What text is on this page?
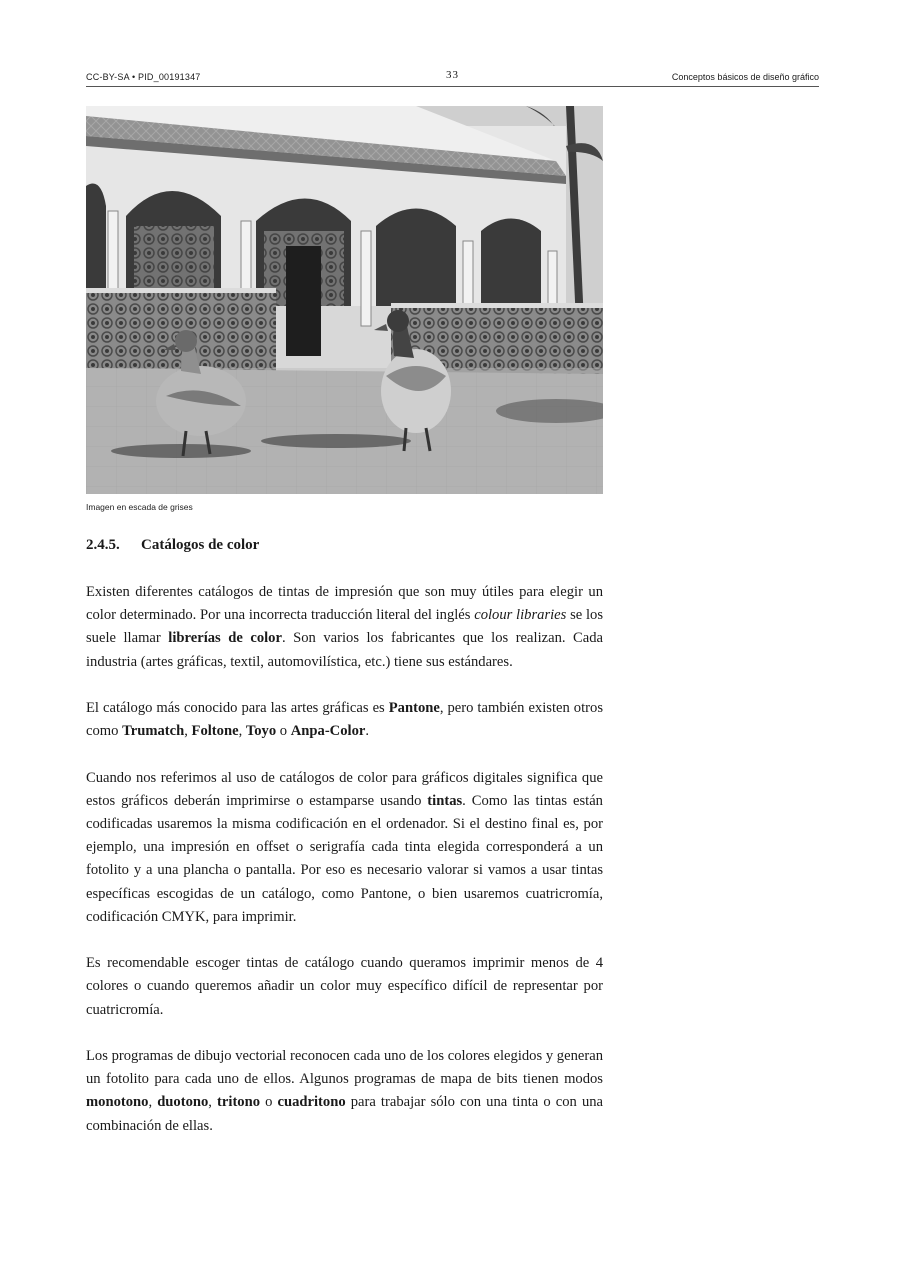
CC-BY-SA • PID_00191347	33	Conceptos básicos de diseño gráfico
Imagen en escada de grises
2.4.5. Catálogos de color

Existen diferentes catálogos de tintas de impresión que son muy útiles para elegir un color determinado. Por una incorrecta traducción literal del inglés colour libraries se los suele llamar librerías de color. Son varios los fabricantes que los realizan. Cada industria (artes gráficas, textil, automovilística, etc.) tiene sus estándares.

El catálogo más conocido para las artes gráficas es Pantone, pero también existen otros como Trumatch, Foltone, Toyo o Anpa-Color.

Cuando nos referimos al uso de catálogos de color para gráficos digitales significa que estos gráficos deberán imprimirse o estamparse usando tintas. Como las tintas están codificadas usaremos la misma codificación en el ordenador. Si el destino final es, por ejemplo, una impresión en offset o serigrafía cada tinta elegida corresponderá a un fotolito y a una plancha o pantalla. Por eso es necesario valorar si vamos a usar tintas específicas escogidas de un catálogo, como Pantone, o bien usaremos cuatricromía, codificación CMYK, para imprimir.

Es recomendable escoger tintas de catálogo cuando queramos imprimir menos de 4 colores o cuando queremos añadir un color muy específico difícil de representar por cuatricromía.

Los programas de dibujo vectorial reconocen cada uno de los colores elegidos y generan un fotolito para cada uno de ellos. Algunos programas de mapa de bits tienen modos monotono, duotono, tritono o cuadritono para trabajar sólo con una tinta o con una combinación de ellas.
